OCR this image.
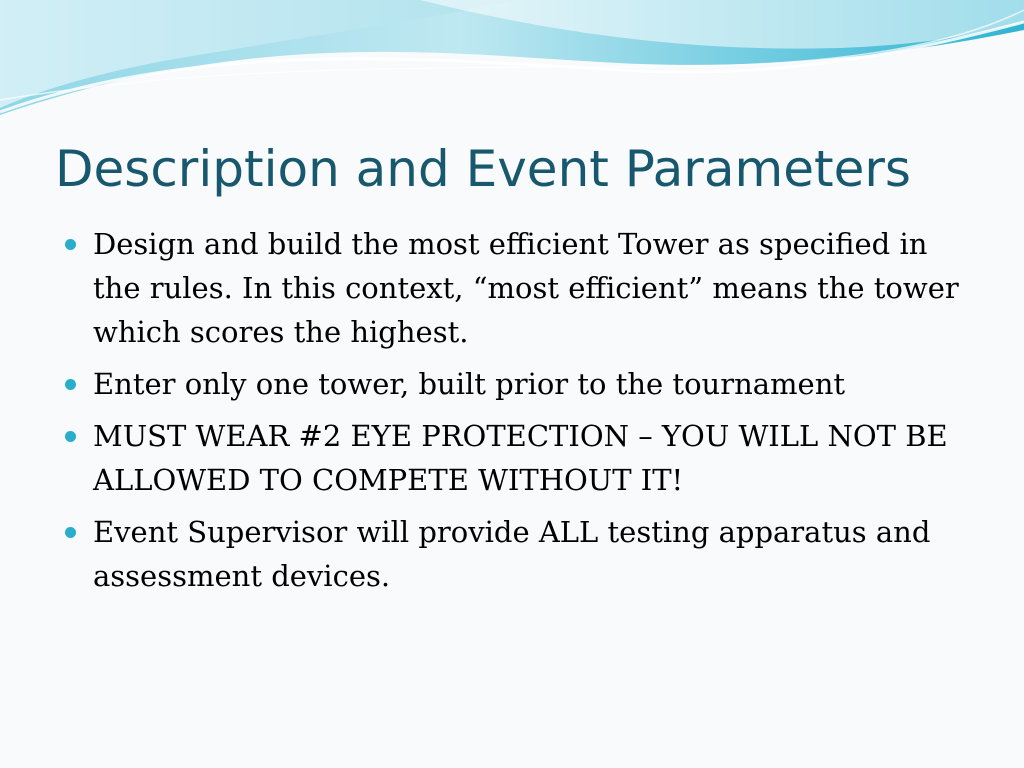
Description and Event Parameters
Design and build the most efficient Tower as specified in the rules. In this context, “most efficient” means the tower which scores the highest.
Enter only one tower, built prior to the tournament
MUST WEAR #2 EYE PROTECTION – YOU WILL NOT BE ALLOWED TO COMPETE WITHOUT IT!
Event Supervisor will provide ALL testing apparatus and assessment devices.
